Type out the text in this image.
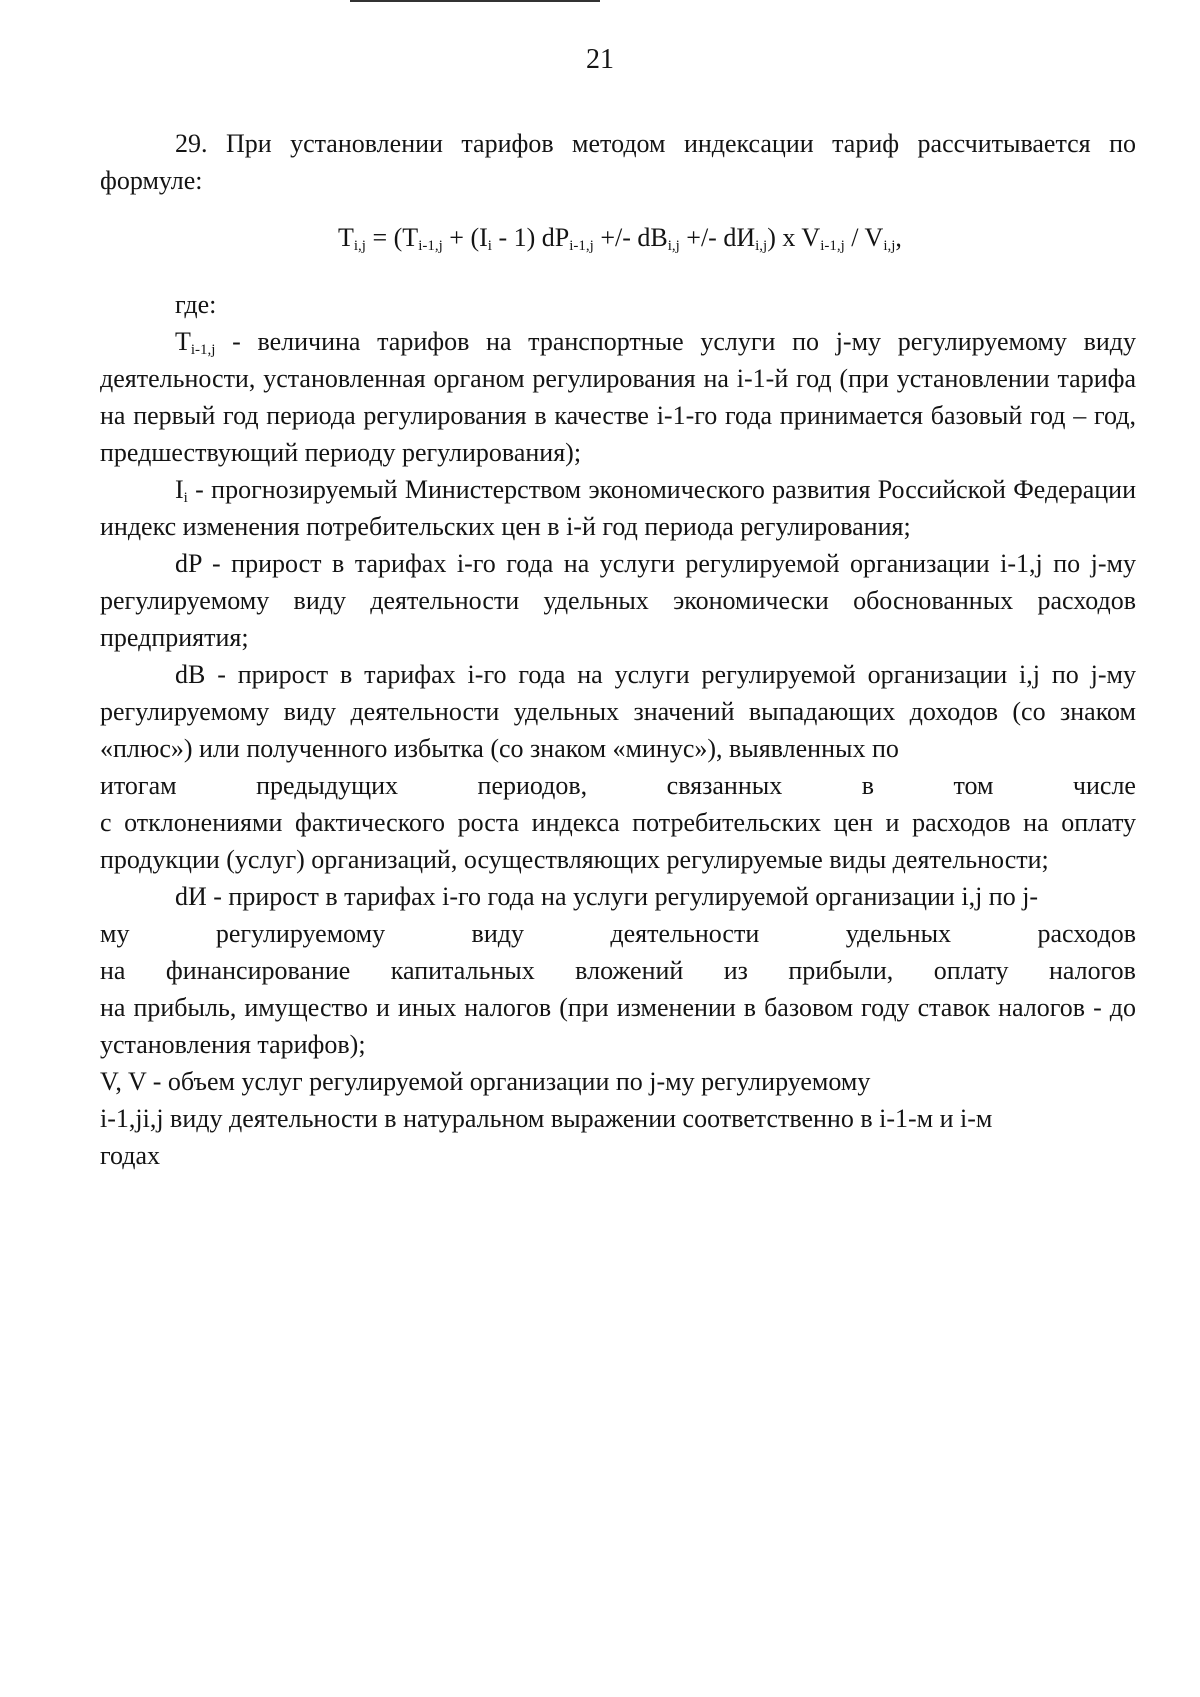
21

29. При установлении тарифов методом индексации тариф рассчитывается по формуле:

$T_{i,j} = (T_{i-1,j} + (I_i - 1)$ $dP_{i-1,j}$ +/- $dB_{i,j}$ +/- $dИ_{i,j}$) x $V_{i-1,j} / V_{i,j}$,

где:

$T_{i-1,j}$ - величина тарифов на транспортные услуги по j-му регулируемому виду деятельности, установленная органом регулирования на i-1-й год (при установлении тарифа на первый год периода регулирования в качестве i-1-го года принимается базовый год – год, предшествующий периоду регулирования);

$I_i$ - прогнозируемый Министерством экономического развития Российской Федерации индекс изменения потребительских цен в i-й год периода регулирования;

dP - прирост в тарифах i-го года на услуги регулируемой организации i-1,j по j-му регулируемому виду деятельности удельных экономически обоснованных расходов предприятия;

dB - прирост в тарифах i-го года на услуги регулируемой организации i,j по j-му регулируемому виду деятельности удельных значений выпадающих доходов (со знаком «плюс») или полученного избытка (со знаком «минус»), выявленных по

итогам	предыдущих	периодов,	связанных	в	том	числе

с отклонениями фактического роста индекса потребительских цен и расходов на оплату продукции (услуг) организаций, осуществляющих регулируемые виды деятельности;

dИ - прирост в тарифах i-го года на услуги регулируемой организации i,j по j-

му	регулируемому	виду	деятельности	удельных	расходов
на финансирование капитальных вложений из прибыли, оплату налогов

на прибыль, имущество и иных налогов (при изменении в базовом году ставок налогов - до установления тарифов);

V, V - объем услуг регулируемой организации по j-му регулируемому
i-1,ji,j виду деятельности в натуральном выражении соответственно в i-1-м и i-м
годах
